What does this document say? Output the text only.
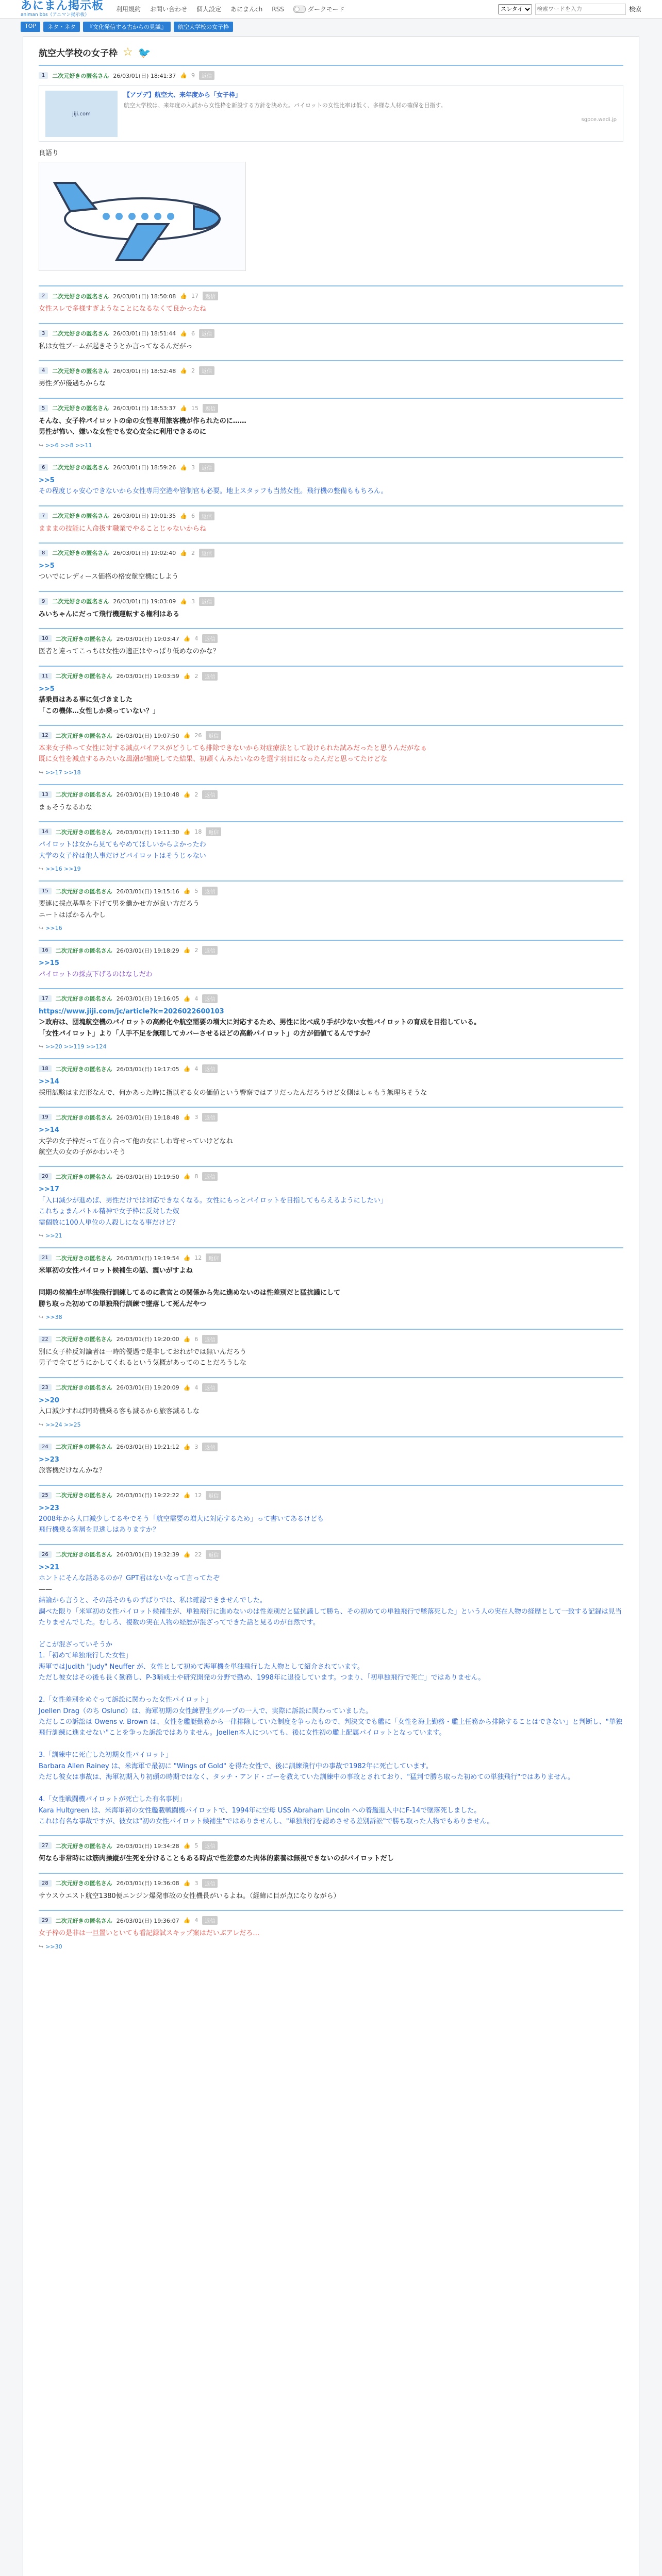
あにまん掲示板
animan bbs（アニマン掲示板）
利用規約 お問い合わせ 個人設定 あにまんch RSS	ダークモード
スレタイ
検索ワードを入力	検索
TOP	ネタ・ネタ	『文化発信する古からの見識』	航空大学校の女子枠
航空大学校の女子枠 ☆ 🐦
1	二次元好きの匿名さん 26/03/01(日) 18:41:37 👍 9	返信
jiji.com
【アプデ】航空大、来年度から「女子枠」
航空大学校は、来年度の入試から女性枠を新設する方針を決めた。パイロットの女性比率は低く、多様な人材の確保を目指す。
sgpce.wedi.jp
良語り
2	二次元好きの匿名さん 26/03/01(日) 18:50:08 👍 17	返信
女性スレで多様すぎようなことになるなくて良かったね
3	二次元好きの匿名さん 26/03/01(日) 18:51:44 👍 6	返信
私は女性ブームが起きそうとか言ってなるんだがっ
4	二次元好きの匿名さん 26/03/01(日) 18:52:48 👍 2	返信
男性ダが優遇ちからな
5	二次元好きの匿名さん 26/03/01(日) 18:53:37 👍 15	返信
そんな、女子枠パイロットの命の女性専用旅客機が作られたのに……
男性が怖い、嫌いな女性でも安心安全に利用できるのに
↪ >>6 >>8 >>11
6	二次元好きの匿名さん 26/03/01(日) 18:59:26 👍 3	返信
>>5
その程度じゃ安心できないから女性専用空港や管制官も必要。地上スタッフも当然女性。飛行機の整備ももちろん。
7	二次元好きの匿名さん 26/03/01(日) 19:01:35 👍 6	返信
まままの技能に人命扱す職業でやることじゃないからね
8	二次元好きの匿名さん 26/03/01(日) 19:02:40 👍 2	返信
>>5
ついでにレディース価格の格安航空機にしよう
9	二次元好きの匿名さん 26/03/01(日) 19:03:09 👍 3	返信
みいちゃんにだって飛行機運転する権利はある
10	二次元好きの匿名さん 26/03/01(日) 19:03:47 👍 4	返信
医者と違ってこっちは女性の適正はやっぱり低めなのかな？
11	二次元好きの匿名さん 26/03/01(日) 19:03:59 👍 2	返信
>>5
搭乗員はある事に気づきました
「この機体…女性しか乗っていない？」
12	二次元好きの匿名さん 26/03/01(日) 19:07:50 👍 26	返信
本来女子枠って女性に対する減点パイアスがどうしても排除できないから対症療法として設けられた試みだったと思うんだがなぁ
既に女性を減点するみたいな風潮が撤廃してた結果、初頭くんみたいなのを選す羽目になったんだと思ってたけどな
↪ >>17 >>18
13	二次元好きの匿名さん 26/03/01(日) 19:10:48 👍 2	返信
まぁそうなるわな
14	二次元好きの匿名さん 26/03/01(日) 19:11:30 👍 18	返信
パイロットは女から見てもやめてほしいからよかったわ
大学の女子枠は他人事だけどパイロットはそうじゃない
↪ >>16 >>19
15	二次元好きの匿名さん 26/03/01(日) 19:15:16 👍 5	返信
要連に採点基準を下げて男を働かせ方が良い方だろう
ニートはばかるんやし
↪ >>16
16	二次元好きの匿名さん 26/03/01(日) 19:18:29 👍 2	返信
>>15
パイロットの採点下げるのはなしだわ
17	二次元好きの匿名さん 26/03/01(日) 19:16:05 👍 4	返信
https://www.jiji.com/jc/article?k=2026022600103
＞政府は、団塊航空機のパイロットの高齢化や航空需要の増大に対応するため、男性に比べ成り手が少ない女性パイロットの育成を目指している。
「女性パイロット」より「人手不足を無理してカバーさせるほどの高齢パイロット」の方が価値てるんですか？
↪ >>20 >>119 >>124
18	二次元好きの匿名さん 26/03/01(日) 19:17:05 👍 4	返信
>>14
採用試験はまだ形なんで、何かあった時に指以ぞる女の価値という警察ではアリだったんだろうけど女側はしゃもう無理ちそうな
19	二次元好きの匿名さん 26/03/01(日) 19:18:48 👍 3	返信
>>14
大学の女子枠だって在り合って他の女にしわ寄せっていけどなね
航空大の女の子がかわいそう
20	二次元好きの匿名さん 26/03/01(日) 19:19:50 👍 8	返信
>>17
「入口減少が進めば、男性だけでは対応できなくなる。女性にもっとパイロットを目指してもらえるようにしたい」
これちょまんパトル精神で女子枠に反対した奴
需個数に100人単位の人殺しになる事だけど？
↪ >>21
21	二次元好きの匿名さん 26/03/01(日) 19:19:54 👍 12	返信
米軍初の女性パイロット候補生の話、震いがすよね

同期の候補生が単独飛行訓練してるのに教官との関係から先に進めないのは性差別だと猛抗議にして
勝ち取った初めての単独飛行訓練で墜落して死んだやつ
↪ >>38
22	二次元好きの匿名さん 26/03/01(日) 19:20:00 👍 6	返信
別に女子枠反対論者は一時的優遇で是非しておれがでは無いんだろう
男子で全てどうにかしてくれるという気概があってのことだろうしな
23	二次元好きの匿名さん 26/03/01(日) 19:20:09 👍 4	返信
>>20
入口減少すれば同時機乗る客も減るから旅客減るしな
↪ >>24 >>25
24	二次元好きの匿名さん 26/03/01(日) 19:21:12 👍 3	返信
>>23
旅客機だけなんかな？
25	二次元好きの匿名さん 26/03/01(日) 19:22:22 👍 12	返信
>>23
2008年から人口減少してるやでそう「航空需要の増大に対応するため」って書いてあるけども
飛行機乗る客層を見逃しはありますか？
26	二次元好きの匿名さん 26/03/01(日) 19:32:39 👍 22	返信
>>21
ホントにそんな話あるのか？GPT君はないなって言ってたぞ
——
結論から言うと、その話そのものずばりでは、私は確認できませんでした。
調べた限り「米軍初の女性パイロット候補生が、単独飛行に進めないのは性差別だと猛抗議して勝ち、その初めての単独飛行で墜落死した」という人の実在人物の経歴として一致する記録は見当たりませんでした。むしろ、複数の実在人物の経歴が混ざってできた話と見るのが自然です。

どこが混ざっていそうか
1.「初めて単独飛行した女性」
海軍ではJudith "Judy" Neuffer が、女性として初めて海軍機を単独飛行した人物として紹介されています。
ただし彼女はその後も長く勤務し、P-3哨戒士や研究開発の分野で勤め、1998年に退役しています。つまり、「初単独飛行で死亡」ではありません。

2.「女性差別をめぐって訴訟に関わった女性パイロット」
Joellen Drag（のち Oslund）は、海軍初期の女性練習生グループの一人で、実際に訴訟に関わっていました。
ただしこの訴訟は Owens v. Brown は、女性を艦艇勤務から一律排除していた制度を争ったもので、判決文でも艦に「女性を海上勤務・艦上任務から排除することはできない」と判断し、"単独飛行訓練に進ませない"ことを争った訴訟ではありません。Joellen本人についても、後に女性初の艦上配属パイロットとなっています。

3.「訓練中に死亡した初期女性パイロット」
Barbara Allen Rainey は、米海軍で最初に "Wings of Gold" を得た女性で、後に訓練飛行中の事故で1982年に死亡しています。
ただし彼女は事故は、海軍初期入り初頭の時期ではなく、タッチ・アンド・ゴーを教えていた訓練中の事故とされており、"猛判で勝ち取った初めての単独飛行"ではありません。

4.「女性戦闘機パイロットが死亡した有名事例」
Kara Hultgreen は、米海軍初の女性艦載戦闘機パイロットで、1994年に空母 USS Abraham Lincoln への着艦進入中にF-14で墜落死しました。
これは有名な事故ですが、彼女は"初の女性パイロット候補生"ではありませんし、"単独飛行を認めさせる差別訴訟"で勝ち取った人物でもありません。
27	二次元好きの匿名さん 26/03/01(日) 19:34:28 👍 5	返信
何なら非常時には筋肉操縦が生死を分けることもある時点で性差意めた肉体的素養は無視できないのがパイロットだし
28	二次元好きの匿名さん 26/03/01(日) 19:36:08 👍 3	返信
サウスウエスト航空1380便エンジン爆発事故の女性機長がいるよね。（経緯に目が点になりながら）
29	二次元好きの匿名さん 26/03/01(日) 19:36:07 👍 4	返信
女子枠の是非は一旦置いといても看記録試スキップ案はだいぶアレだろ…
↪ >>30
